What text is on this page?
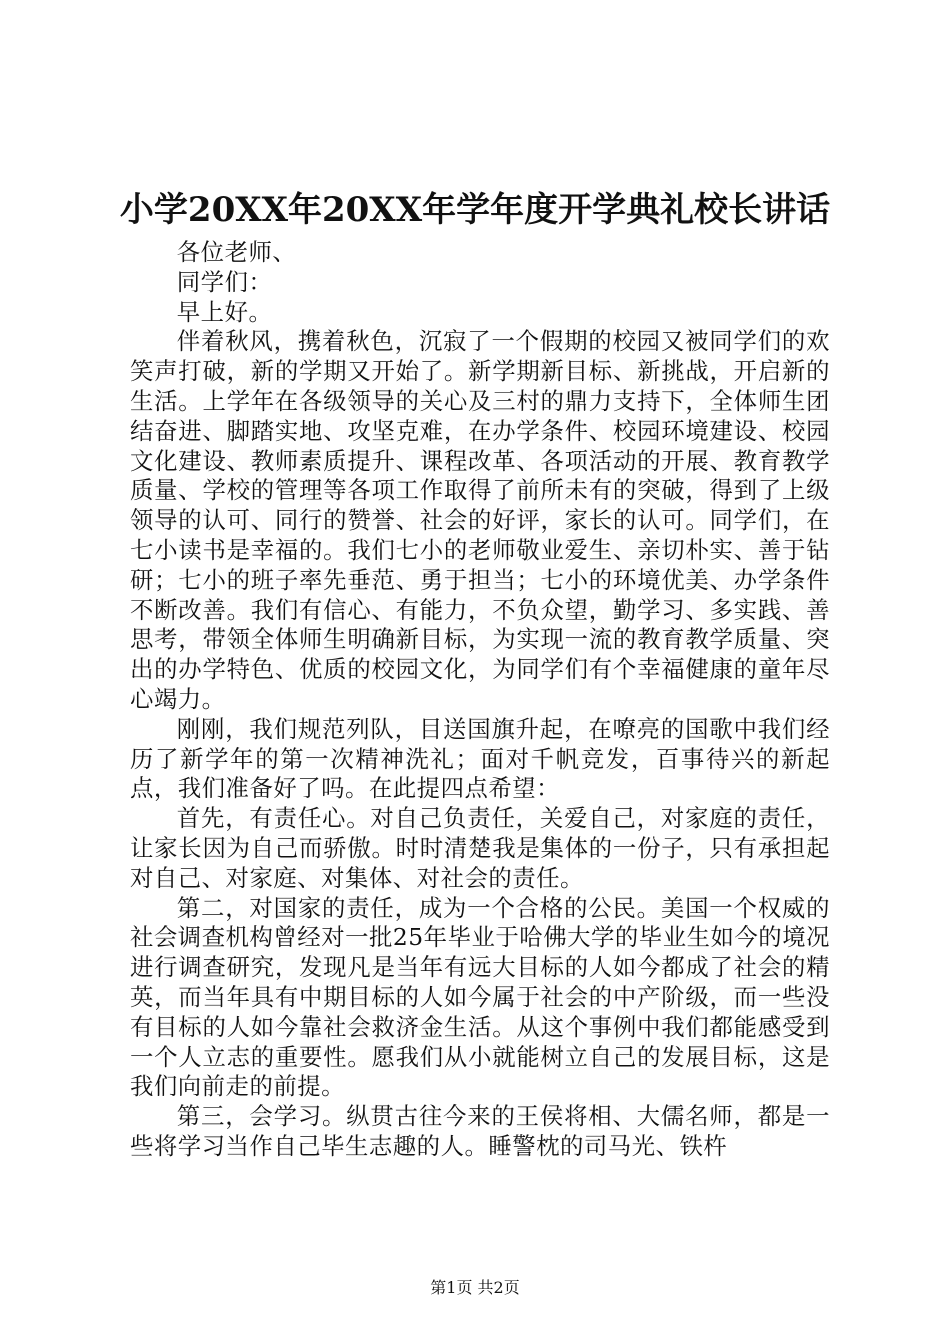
小学20XX年20XX年学年度开学典礼校长讲话

各位老师、

同学们：

早上好。

伴着秋风，携着秋色，沉寂了一个假期的校园又被同学们的欢笑声打破，新的学期又开始了。新学期新目标、新挑战，开启新的生活。上学年在各级领导的关心及三村的鼎力支持下，全体师生团结奋进、脚踏实地、攻坚克难，在办学条件、校园环境建设、校园文化建设、教师素质提升、课程改革、各项活动的开展、教育教学质量、学校的管理等各项工作取得了前所未有的突破，得到了上级领导的认可、同行的赞誉、社会的好评，家长的认可。同学们，在七小读书是幸福的。我们七小的老师敬业爱生、亲切朴实、善于钻研；七小的班子率先垂范、勇于担当；七小的环境优美、办学条件不断改善。我们有信心、有能力，不负众望，勤学习、多实践、善思考，带领全体师生明确新目标，为实现一流的教育教学质量、突出的办学特色、优质的校园文化，为同学们有个幸福健康的童年尽心竭力。

刚刚，我们规范列队，目送国旗升起，在嘹亮的国歌中我们经历了新学年的第一次精神洗礼；面对千帆竞发，百事待兴的新起点，我们准备好了吗。在此提四点希望：

首先，有责任心。对自己负责任，关爱自己，对家庭的责任，让家长因为自己而骄傲。时时清楚我是集体的一份子，只有承担起对自己、对家庭、对集体、对社会的责任。

第二，对国家的责任，成为一个合格的公民。美国一个权威的社会调查机构曾经对一批25年毕业于哈佛大学的毕业生如今的境况进行调查研究，发现凡是当年有远大目标的人如今都成了社会的精英，而当年具有中期目标的人如今属于社会的中产阶级，而一些没有目标的人如今靠社会救济金生活。从这个事例中我们都能感受到一个人立志的重要性。愿我们从小就能树立自己的发展目标，这是我们向前走的前提。

第三，会学习。纵贯古往今来的王侯将相、大儒名师，都是一些将学习当作自己毕生志趣的人。睡警枕的司马光、铁杵

第1页 共2页
